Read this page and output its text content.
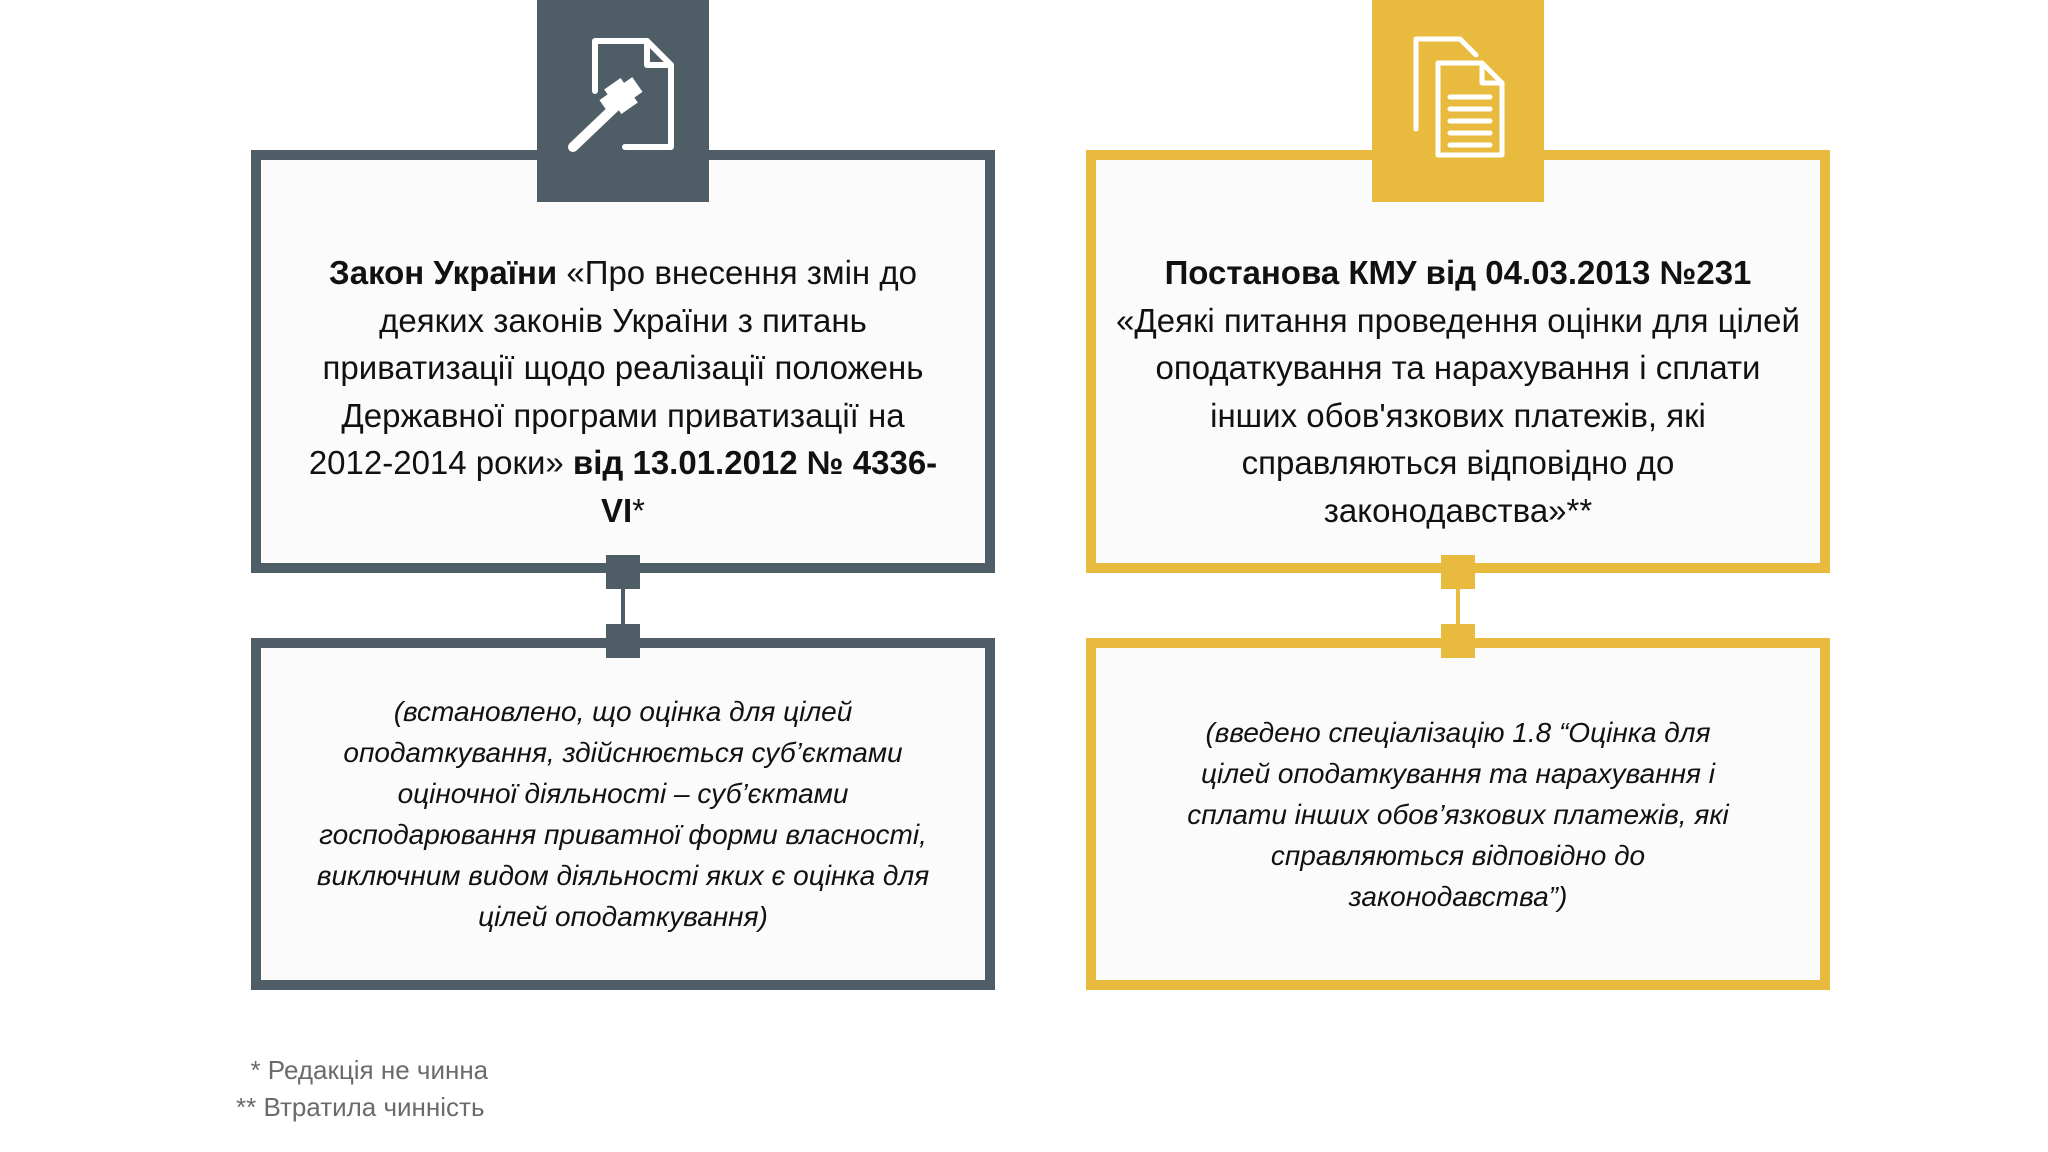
Закон України «Про внесення змін до деяких законів України з питань приватизації щодо реалізації положень Державної програми приватизації на 2012-2014 роки» від 13.01.2012 № 4336-VI*
(встановлено, що оцінка для цілей оподаткування, здійснюється суб’єктами оціночної діяльності – суб’єктами господарювання приватної форми власності, виключним видом діяльності яких є оцінка для цілей оподаткування)
Постанова КМУ від 04.03.2013 №231
«Деякі питання проведення оцінки для цілей оподаткування та нарахування і сплати інших обов'язкових платежів, які справляються відповідно до законодавства»**
(введено спеціалізацію 1.8 “Оцінка для цілей оподаткування та нарахування і сплати інших обов’язкових платежів, які справляються відповідно до законодавства”)
* Редакція не чинна
** Втратила чинність
